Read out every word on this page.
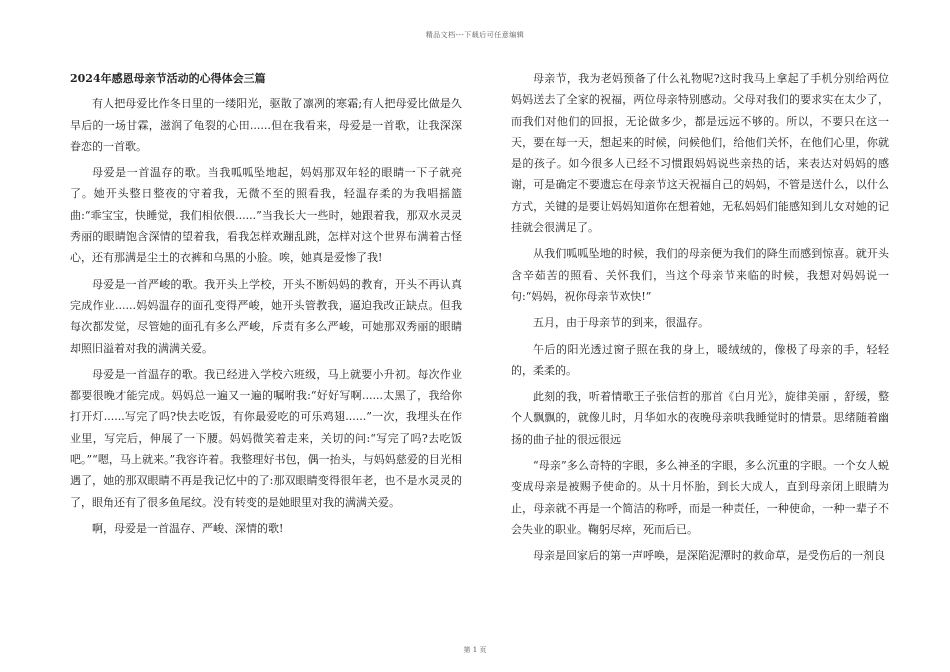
精品文档---下载后可任意编辑
2024年感恩母亲节活动的心得体会三篇

有人把母爱比作冬日里的一缕阳光，驱散了凛冽的寒霜;有人把母爱比做是久旱后的一场甘霖，滋润了龟裂的心田......但在我看来，母爱是一首歌，让我深深眷恋的一首歌。

母爱是一首温存的歌。当我呱呱坠地起，妈妈那双年轻的眼睛一下子就亮了。她开头整日整夜的守着我，无微不至的照看我，轻温存柔的为我唱摇篮曲:“乖宝宝，快睡觉，我们相依偎......”当我长大一些时，她跟着我，那双水灵灵秀丽的眼睛饱含深情的望着我，看我怎样欢蹦乱跳，怎样对这个世界布满着古怪 心，还有那满是尘土的衣裤和乌黑的小脸。唉，她真是爱惨了我!

母爱是一首严峻的歌。我开头上学校，开头不断妈妈的教育，开头不再认真完成作业......妈妈温存的面孔变得严峻，她开头管教我，逼迫我改正缺点。但我每次都发觉，尽管她的面孔有多么严峻，斥责有多么严峻，可她那双秀丽的眼睛却照旧溢着对我的满满关爱。

母爱是一首温存的歌。我已经进入学校六班级，马上就要小升初。每次作业都要很晚才能完成。妈妈总一遍又一遍的嘱咐我:“好好写啊......太黑了，我给你打开灯......写完了吗?快去吃饭，有你最爱吃的可乐鸡翅......”一次，我埋头在作业里，写完后，伸展了一下腰。妈妈微笑着走来，关切的问:“写完了吗?去吃饭吧。”“嗯，马上就来。”我容许着。我整理好书包，偶一抬头，与妈妈慈爱的目光相遇了，她的那双眼睛不再是我记忆中的了:那双眼睛变得很年老，也不是水灵灵的了，眼角还有了很多鱼尾纹。没有转变的是她眼里对我的满满关爱。

啊，母爱是一首温存、严峻、深情的歌!

母亲节，我为老妈预备了什么礼物呢?这时我马上拿起了手机分别给两位妈妈送去了全家的祝福，两位母亲特别感动。父母对我们的要求实在太少了，而我们对他们的回报，无论做多少，都是远远不够的。所以，不要只在这一天，要在每一天，想起来的时候，问候他们，给他们关怀，在他们心里，你就是的孩子。如今很多人已经不习惯跟妈妈说些亲热的话，来表达对妈妈的感谢，可是确定不要遗忘在母亲节这天祝福自己的妈妈，不管是送什么，以什么方式，关键的是要让妈妈知道你在想着她，无私妈妈们能感知到儿女对她的记挂就会很满足了。

从我们呱呱坠地的时候，我们的母亲便为我们的降生而感到惊喜。就开头含辛茹苦的照看、关怀我们，当这个母亲节来临的时候，我想对妈妈说一句:“妈妈，祝你母亲节欢快!”

五月，由于母亲节的到来，很温存。

午后的阳光透过窗子照在我的身上，暖绒绒的，像极了母亲的手，轻轻的，柔柔的。

此刻的我，听着情歌王子张信哲的那首《白月光》，旋律美丽 ，舒缓，整个人飘飘的，就像儿时，月华如水的夜晚母亲哄我睡觉时的情景。思绪随着幽扬的曲子扯的很远很远

“母亲”多么奇特的字眼，多么神圣的字眼，多么沉重的字眼。一个女人蜕变成母亲是被赐予使命的。从十月怀胎，到长大成人，直到母亲闭上眼睛为止，母亲就不再是一个简洁的称呼，而是一种责任，一种使命，一种一辈子不会失业的职业。鞠躬尽瘁，死而后已。

母亲是回家后的第一声呼唤，是深陷泥潭时的救命草，是受伤后的一剂良

第 1 页
